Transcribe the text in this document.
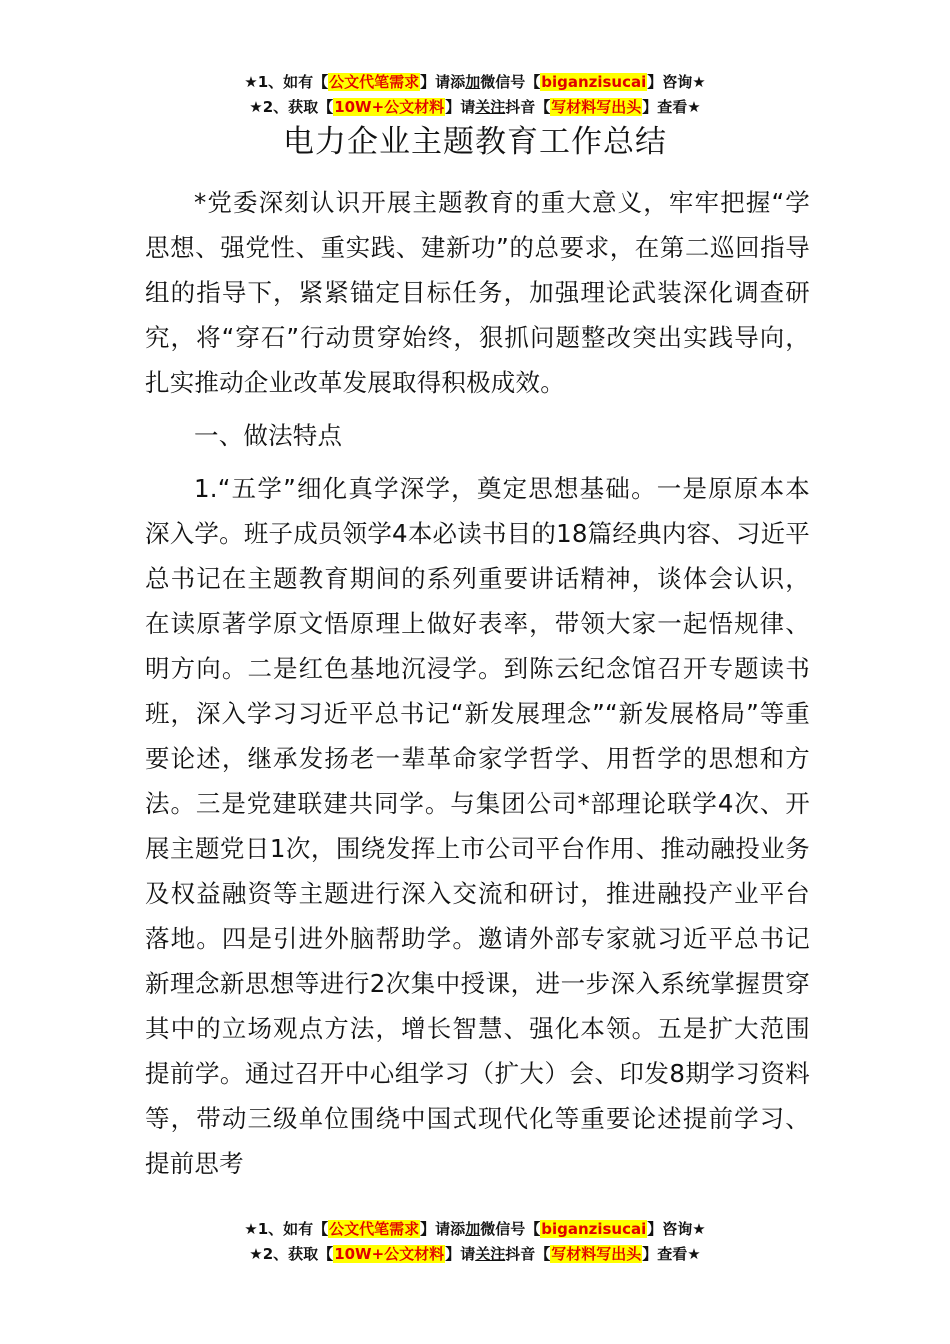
★1、如有【公文代笔需求】请添加微信号【biganzisucai】咨询★
★2、获取【10W+公文材料】请关注抖音【写材料写出头】查看★
电力企业主题教育工作总结

*党委深刻认识开展主题教育的重大意义，牢牢把握“学思想、强党性、重实践、建新功”的总要求，在第二巡回指导组的指导下，紧紧锚定目标任务，加强理论武装深化调查研究，将“穿石”行动贯穿始终，狠抓问题整改突出实践导向，扎实推动企业改革发展取得积极成效。

一、做法特点

1.“五学”细化真学深学，奠定思想基础。一是原原本本深入学。班子成员领学4本必读书目的18篇经典内容、习近平总书记在主题教育期间的系列重要讲话精神，谈体会认识，在读原著学原文悟原理上做好表率，带领大家一起悟规律、明方向。二是红色基地沉浸学。到陈云纪念馆召开专题读书班，深入学习习近平总书记“新发展理念”“新发展格局”等重要论述，继承发扬老一辈革命家学哲学、用哲学的思想和方法。三是党建联建共同学。与集团公司*部理论联学4次、开展主题党日1次，围绕发挥上市公司平台作用、推动融投业务及权益融资等主题进行深入交流和研讨，推进融投产业平台落地。四是引进外脑帮助学。邀请外部专家就习近平总书记新理念新思想等进行2次集中授课，进一步深入系统掌握贯穿其中的立场观点方法，增长智慧、强化本领。五是扩大范围提前学。通过召开中心组学习（扩大）会、印发8期学习资料等，带动三级单位围绕中国式现代化等重要论述提前学习、提前思考

★1、如有【公文代笔需求】请添加微信号【biganzisucai】咨询★
★2、获取【10W+公文材料】请关注抖音【写材料写出头】查看★
